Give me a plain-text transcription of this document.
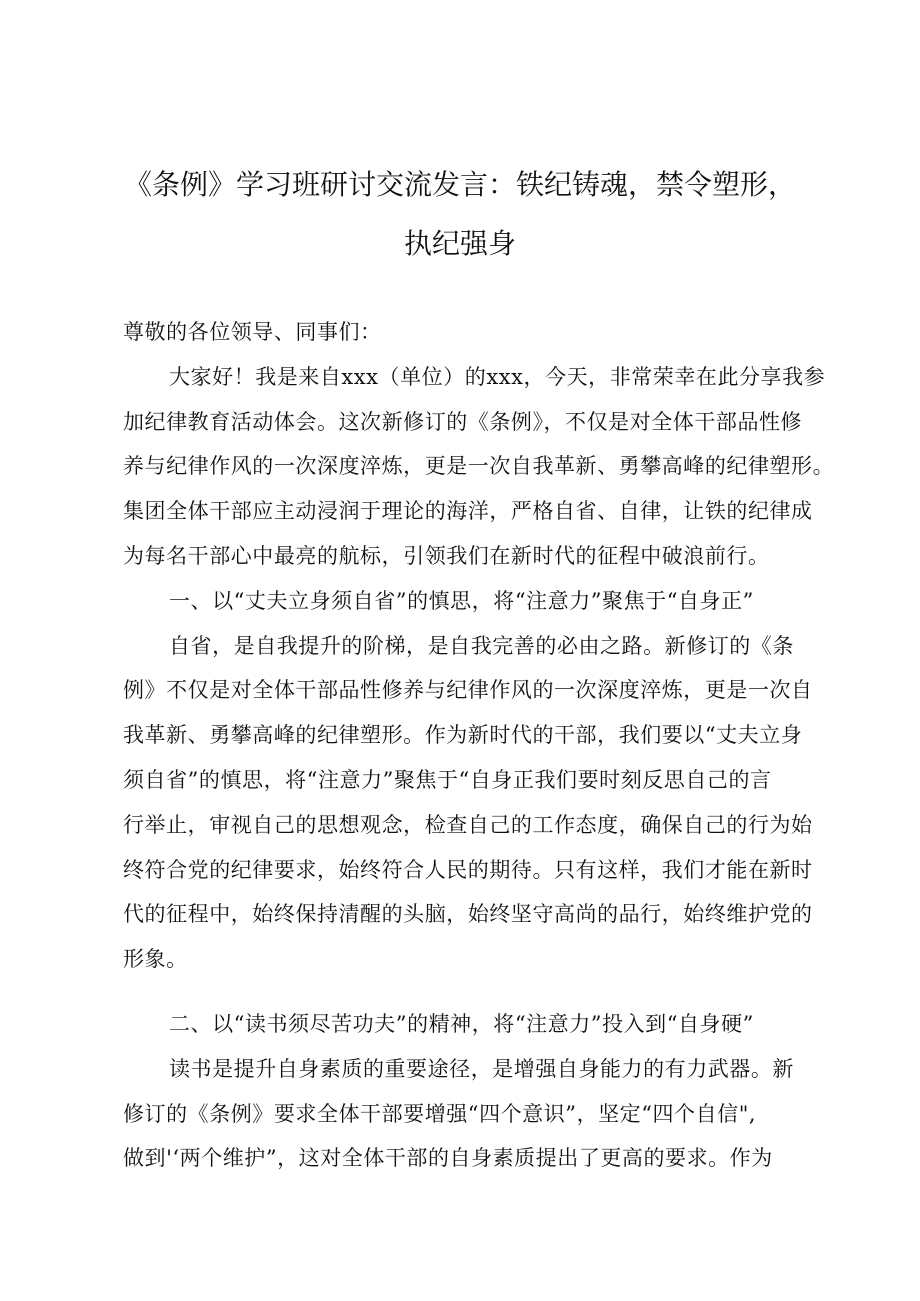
《条例》学习班研讨交流发言：铁纪铸魂，禁令塑形，
执纪强身
尊敬的各位领导、同事们：
大家好！我是来自xxx（单位）的xxx，今天，非常荣幸在此分享我参
加纪律教育活动体会。这次新修订的《条例》，不仅是对全体干部品性修
养与纪律作风的一次深度淬炼，更是一次自我革新、勇攀高峰的纪律塑形。
集团全体干部应主动浸润于理论的海洋，严格自省、自律，让铁的纪律成
为每名干部心中最亮的航标，引领我们在新时代的征程中破浪前行。
一、以“丈夫立身须自省”的慎思，将“注意力”聚焦于“自身正”
自省，是自我提升的阶梯，是自我完善的必由之路。新修订的《条
例》不仅是对全体干部品性修养与纪律作风的一次深度淬炼，更是一次自
我革新、勇攀高峰的纪律塑形。作为新时代的干部，我们要以“丈夫立身
须自省”的慎思，将“注意力”聚焦于“自身正我们要时刻反思自己的言
行举止，审视自己的思想观念，检查自己的工作态度，确保自己的行为始
终符合党的纪律要求，始终符合人民的期待。只有这样，我们才能在新时
代的征程中，始终保持清醒的头脑，始终坚守高尚的品行，始终维护党的
形象。
二、以“读书须尽苦功夫”的精神，将“注意力”投入到“自身硬”
读书是提升自身素质的重要途径，是增强自身能力的有力武器。新
修订的《条例》要求全体干部要增强“四个意识”，坚定“四个自信",
做到'‘两个维护”，这对全体干部的自身素质提出了更高的要求。作为
